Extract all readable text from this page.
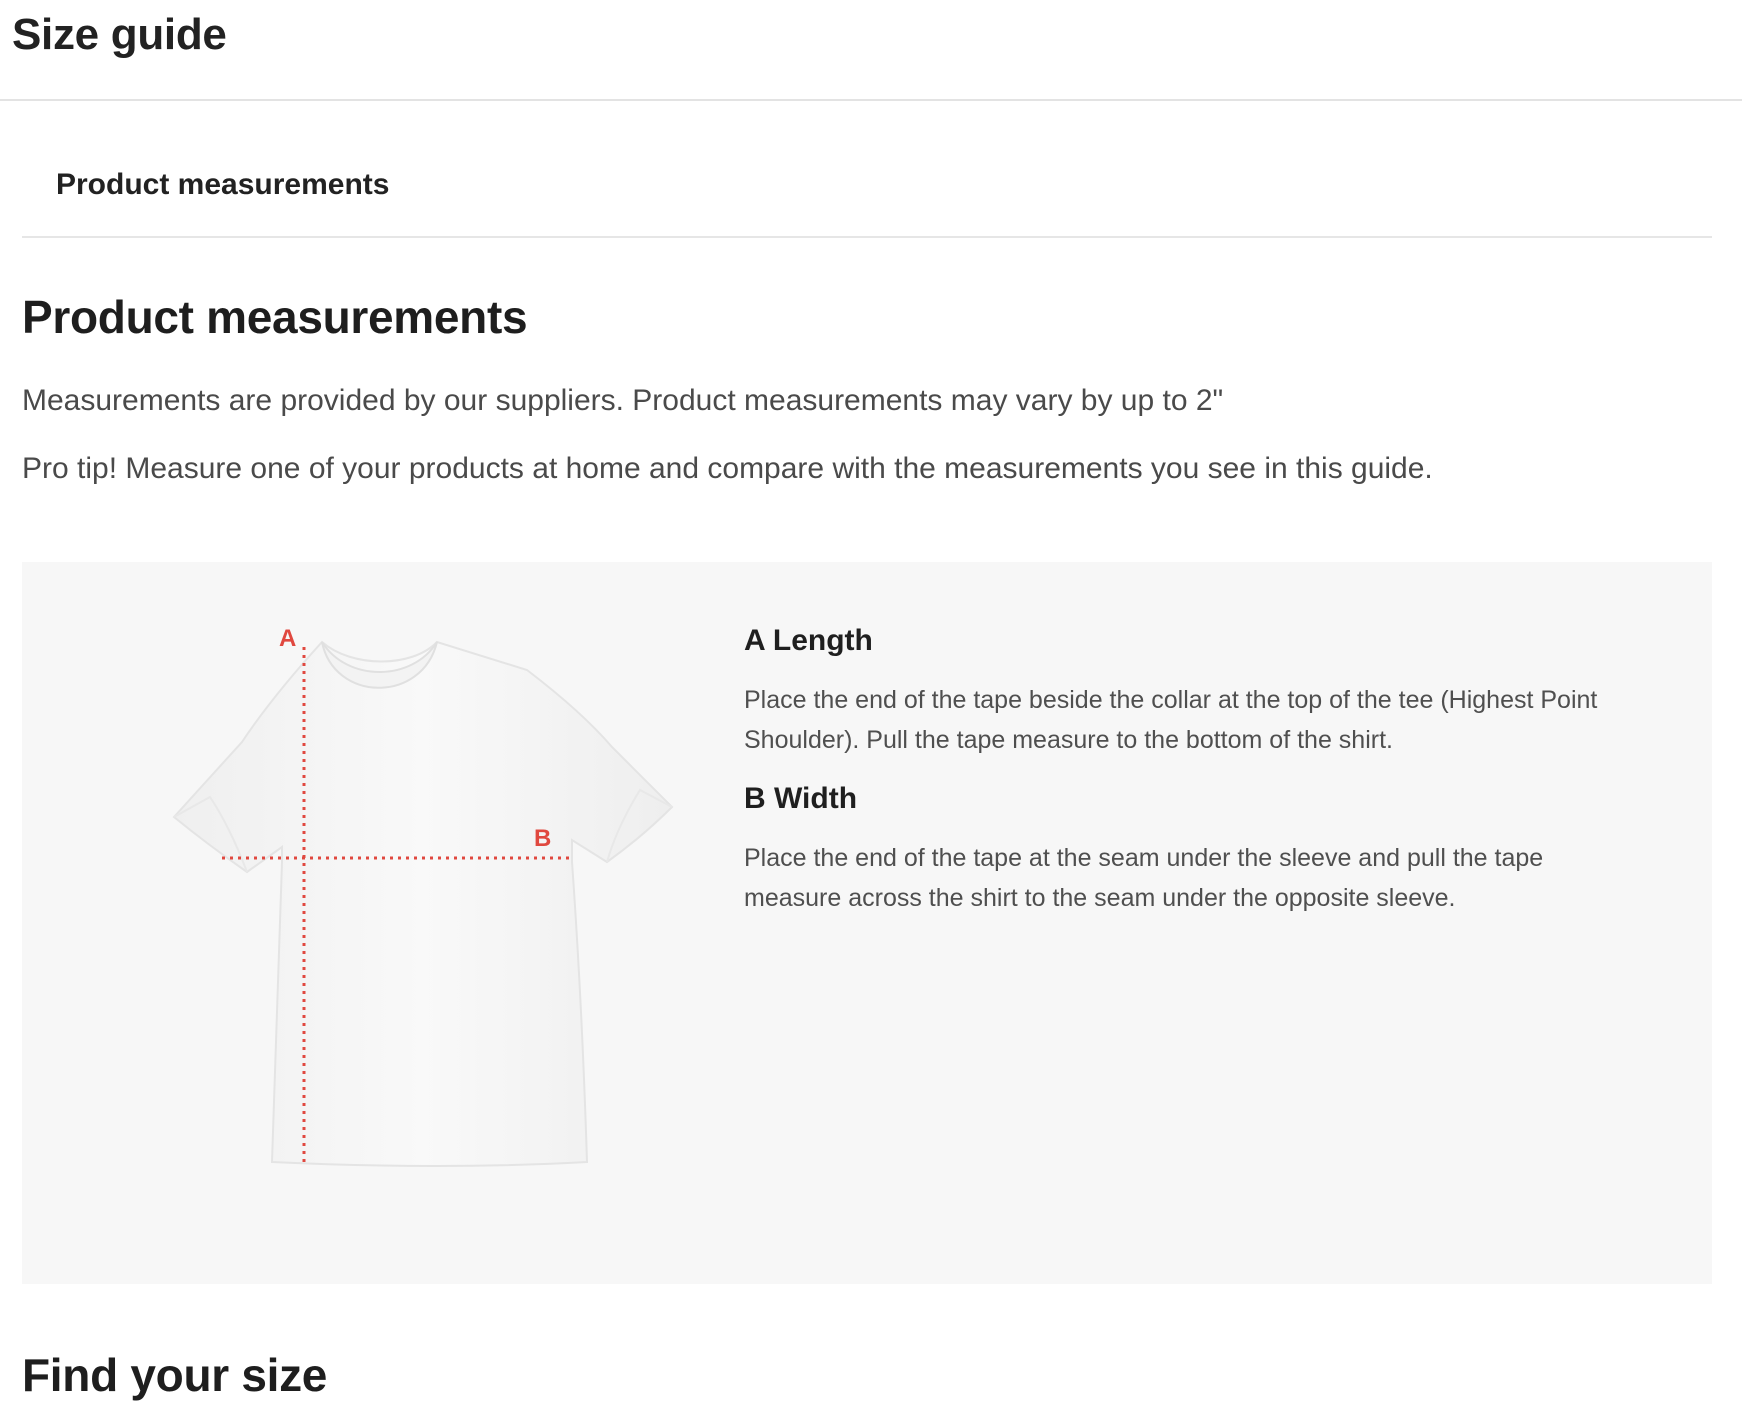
Size guide
Product measurements
Product measurements

Measurements are provided by our suppliers. Product measurements may vary by up to 2"

Pro tip! Measure one of your products at home and compare with the measurements you see in this guide.

A
B
A Length

Place the end of the tape beside the collar at the top of the tee (Highest Point Shoulder). Pull the tape measure to the bottom of the shirt.

B Width

Place the end of the tape at the seam under the sleeve and pull the tape measure across the shirt to the seam under the opposite sleeve.

Find your size
